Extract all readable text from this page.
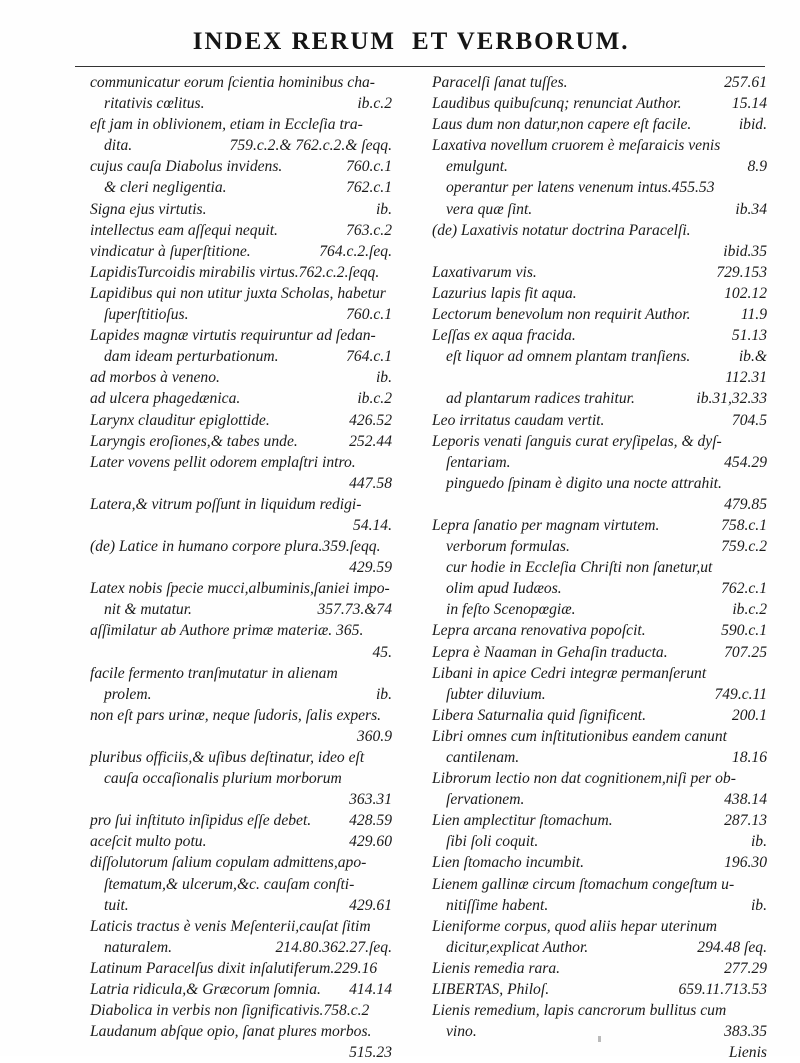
INDEX RERUM ET VERBORUM.
communicatur eorum ſcientia hominibus cha-
ritativis cœlitus.	ib.c.2
eſt jam in oblivionem, etiam in Eccleſia tra-
dita.	759.c.2.& 762.c.2.& ſeqq.
cujus cauſa Diabolus invidens.	760.c.1
& cleri negligentia.	762.c.1
Signa ejus virtutis.	ib.
intellectus eam aſſequi nequit.	763.c.2
vindicatur à ſuperſtitione.	764.c.2.ſeq.
LapidisTurcoidis mirabilis virtus.762.c.2.ſeqq.
Lapidibus qui non utitur juxta Scholas, habetur
ſuperſtitioſus.	760.c.1
Lapides magnæ virtutis requiruntur ad ſedan-
dam ideam perturbationum.	764.c.1
ad morbos à veneno.	ib.
ad ulcera phagedænica.	ib.c.2
Larynx clauditur epiglottide.	426.52
Laryngis eroſiones,& tabes unde.	252.44
Later vovens pellit odorem emplaſtri intro.
447.58
Latera,& vitrum poſſunt in liquidum redigi-
54.14.
(de) Latice in humano corpore plura.359.ſeqq.
429.59
Latex nobis ſpecie mucci,albuminis,ſaniei impo-
nit & mutatur.	357.73.&74
aſſimilatur ab Authore primæ materiæ. 365.
45.
facile fermento tranſmutatur in alienam
prolem.	ib.
non eſt pars urinæ, neque ſudoris, ſalis expers.
360.9
pluribus officiis,& uſibus deſtinatur, ideo eſt
cauſa occaſionalis plurium morborum
363.31
pro ſui inſtituto inſipidus eſſe debet. 428.59
aceſcit multo potu.	429.60
diſſolutorum ſalium copulam admittens,apo-
ſtematum,& ulcerum,&c. cauſam conſti-
tuit.	429.61
Laticis tractus è venis Meſenterii,cauſat ſitim
naturalem.	214.80.362.27.ſeq.
Latinum Paracelſus dixit inſalutiferum.229.16
Latria ridicula,& Græcorum ſomnia. 414.14
Diabolica in verbis non ſignificativis.758.c.2
Laudanum abſque opio, ſanat plures morbos.
515.23
Paracelſi ſanat tuſſes.	257.61
Laudibus quibuſcunq; renunciat Author.	15.14
Laus dum non datur,non capere eſt facile.	ibid.
Laxativa novellum cruorem è meſaraicis venis
emulgunt.	8.9
operantur per latens venenum intus.455.53
vera quæ ſint.	ib.34
(de) Laxativis notatur doctrina Paracelſi.
ibid.35
Laxativarum vis.	729.153
Lazurius lapis fit aqua.	102.12
Lectorum benevolum non requirit Author.	11.9
Leſſas ex aqua fracida.	51.13
eſt liquor ad omnem plantam tranſiens.	ib.&
112.31
ad plantarum radices trahitur.	ib.31,32.33
Leo irritatus caudam vertit.	704.5
Leporis venati ſanguis curat eryſipelas, & dyſ-
ſentariam.	454.29
pinguedo ſpinam è digito una nocte attrahit.
479.85
Lepra ſanatio per magnam virtutem.	758.c.1
verborum formulas.	759.c.2
cur hodie in Eccleſia Chriſti non ſanetur,ut
olim apud Iudæos.	762.c.1
in feſto Scenopœgiæ.	ib.c.2
Lepra arcana renovativa popoſcit.	590.c.1
Lepra è Naaman in Gehaſin traducta.	707.25
Libani in apice Cedri integræ permanſerunt
ſubter diluvium.	749.c.11
Libera Saturnalia quid ſignificent.	200.1
Libri omnes cum inſtitutionibus eandem canunt
cantilenam.	18.16
Librorum lectio non dat cognitionem,niſi per ob-
ſervationem.	438.14
Lien amplectitur ſtomachum.	287.13
ſibi ſoli coquit.	ib.
Lien ſtomacho incumbit.	196.30
Lienem gallinæ circum ſtomachum congeſtum u-
nitiſſime habent.	ib.
Lieniforme corpus, quod aliis hepar uterinum
dicitur,explicat Author.	294.48 ſeq.
Lienis remedia rara.	277.29
LIBERTAS, Philoſ.	659.11.713.53
Lienis remedium, lapis cancrorum bullitus cum
vino.	383.35
Lienis
